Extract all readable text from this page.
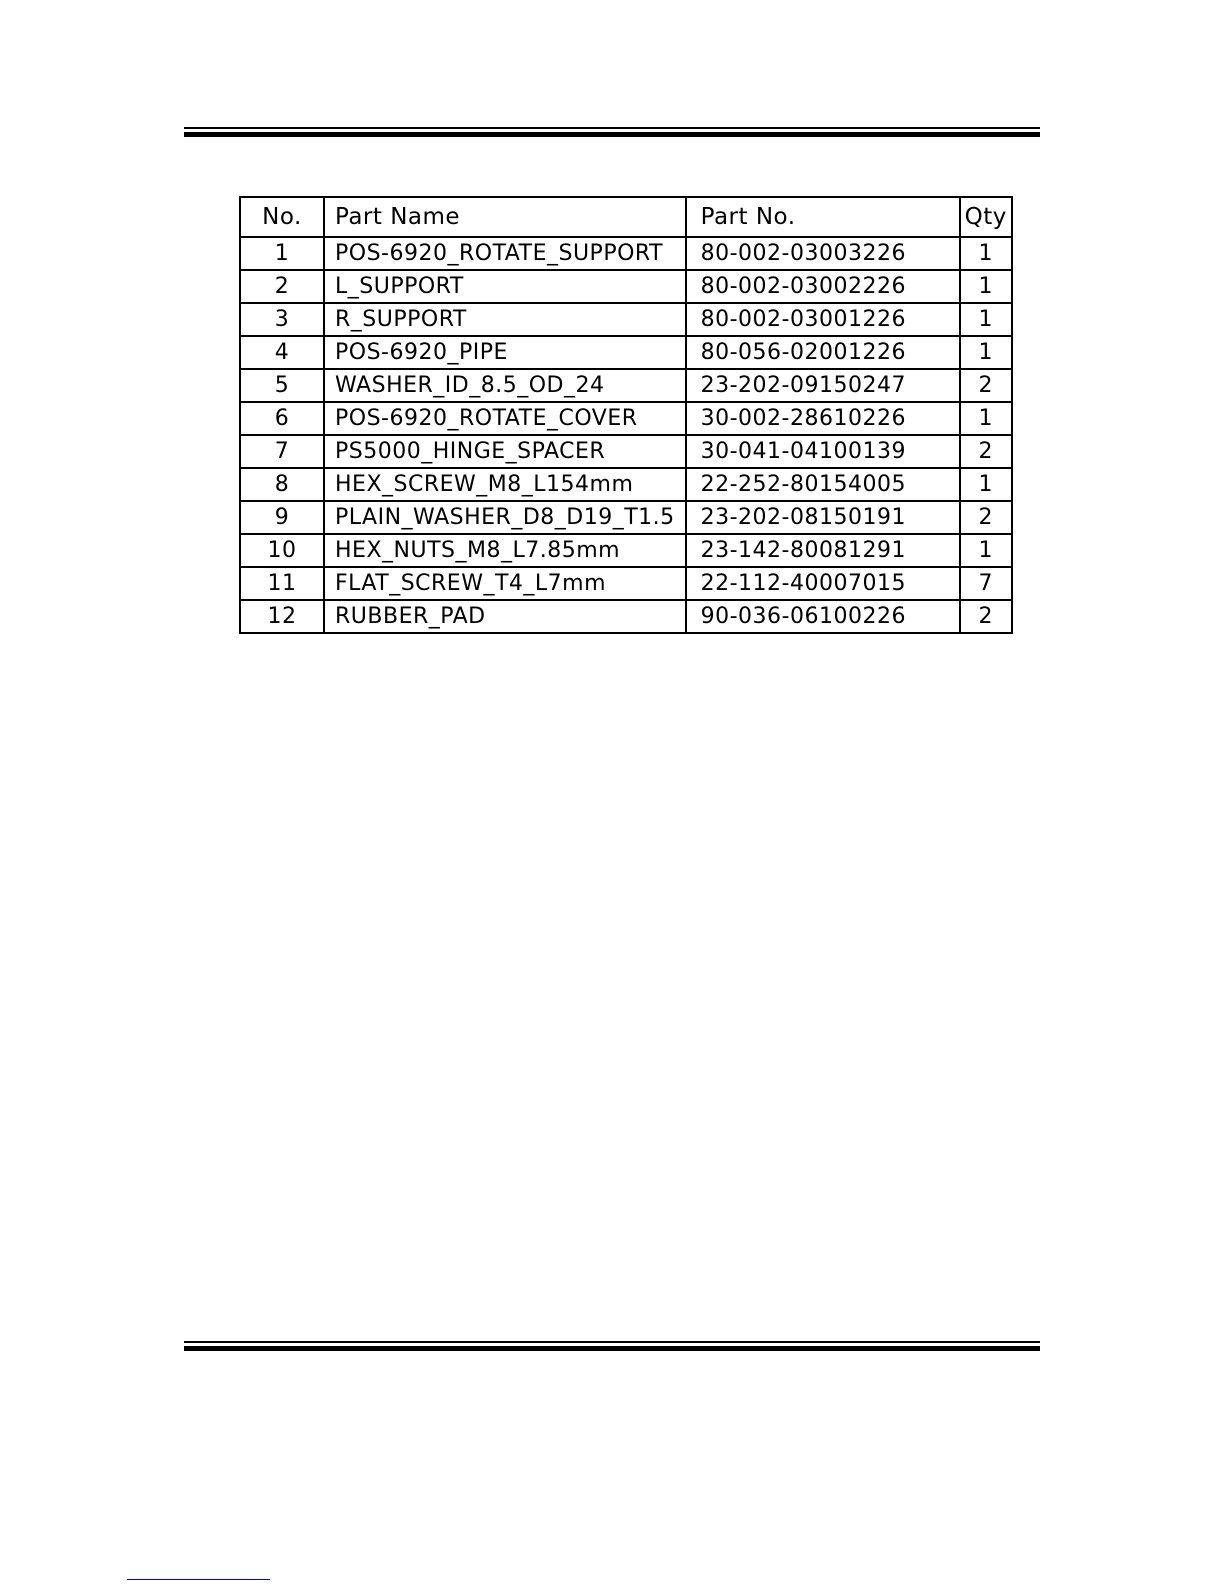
No.	Part Name	Part No.	Qty
1	POS-6920_ROTATE_SUPPORT	80-002-03003226	1
2	L_SUPPORT	80-002-03002226	1
3	R_SUPPORT	80-002-03001226	1
4	POS-6920_PIPE	80-056-02001226	1
5	WASHER_ID_8.5_OD_24	23-202-09150247	2
6	POS-6920_ROTATE_COVER	30-002-28610226	1
7	PS5000_HINGE_SPACER	30-041-04100139	2
8	HEX_SCREW_M8_L154mm	22-252-80154005	1
9	PLAIN_WASHER_D8_D19_T1.5	23-202-08150191	2
10	HEX_NUTS_M8_L7.85mm	23-142-80081291	1
11	FLAT_SCREW_T4_L7mm	22-112-40007015	7
12	RUBBER_PAD	90-036-06100226	2
